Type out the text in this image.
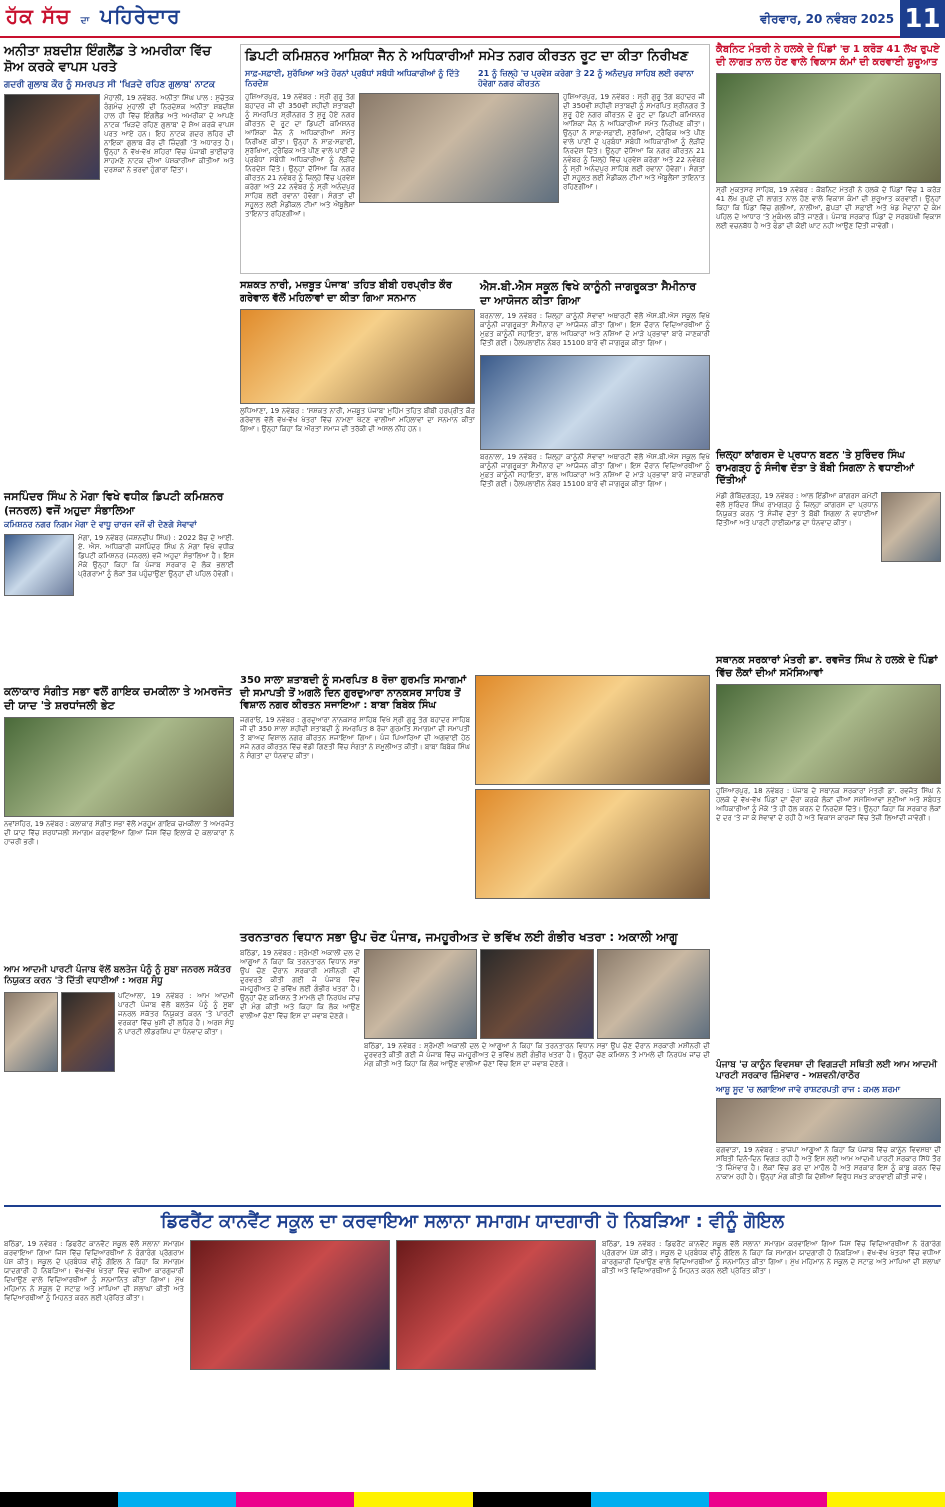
ਹੱਕ ਸੱਚ ਦਾ ਪਹਿਰੇਦਾਰ	ਵੀਰਵਾਰ, 20 ਨਵੰਬਰ 2025 11
ਅਨੀਤਾ ਸ਼ਬਦੀਸ਼ ਇੰਗਲੈਂਡ ਤੇ ਅਮਰੀਕਾ ਵਿੱਚ ਸ਼ੋਅ ਕਰਕੇ ਵਾਪਸ ਪਰਤੇ
ਗਦਰੀ ਗੁਲਾਬ ਕੌਰ ਨੂੰ ਸਮਰਪਤ ਸੀ 'ਖਿੜਦੇ ਰਹਿਣ ਗੁਲਾਬ' ਨਾਟਕ
ਮੋਹਾਲੀ, 19 ਨਵੰਬਰ. ਅਨੀਤਾ ਸਿੰਘ ਪਾਲ : ਸੁਚੇਤਕ ਰੰਗਮੰਚ ਮੁਹਾਲੀ ਦੀ ਨਿਰਦੇਸ਼ਕ ਅਨੀਤਾ ਸ਼ਬਦੀਸ਼ ਹਾਲ ਹੀ ਵਿੱਚ ਇੰਗਲੈਂਡ ਅਤੇ ਅਮਰੀਕਾ ਦੇ ਆਪਣੇ ਨਾਟਕ 'ਖਿੜਦੇ ਰਹਿਣ ਗੁਲਾਬ' ਦੇ ਸ਼ੋਅ ਕਰਕੇ ਵਾਪਸ ਪਰਤ ਆਏ ਹਨ। ਇਹ ਨਾਟਕ ਗਦਰ ਲਹਿਰ ਦੀ ਨਾਇਕਾ ਗੁਲਾਬ ਕੌਰ ਦੀ ਜ਼ਿੰਦਗੀ 'ਤੇ ਅਧਾਰਤ ਹੈ। ਉਨ੍ਹਾਂ ਨੇ ਵੱਖ-ਵੱਖ ਸ਼ਹਿਰਾਂ ਵਿੱਚ ਪੰਜਾਬੀ ਭਾਈਚਾਰੇ ਸਾਹਮਣੇ ਨਾਟਕ ਦੀਆਂ ਪੇਸ਼ਕਾਰੀਆਂ ਕੀਤੀਆਂ ਅਤੇ ਦਰਸ਼ਕਾਂ ਨੇ ਭਰਵਾਂ ਹੁੰਗਾਰਾ ਦਿੱਤਾ।
ਜਸਪਿੰਦਰ ਸਿੰਘ ਨੇ ਮੋਗਾ ਵਿਖੇ ਵਧੀਕ ਡਿਪਟੀ ਕਮਿਸ਼ਨਰ (ਜਨਰਲ) ਵਜੋਂ ਅਹੁਦਾ ਸੰਭਾਲਿਆ
ਕਮਿਸ਼ਨਰ ਨਗਰ ਨਿਗਮ ਮੋਗਾ ਦੇ ਵਾਧੂ ਚਾਰਜ ਵਜੋਂ ਵੀ ਦੇਣਗੇ ਸੇਵਾਵਾਂ
ਮੋਗਾ, 19 ਨਵੰਬਰ (ਜਸ਼ਨਦੀਪ ਸਿੰਘ) : 2022 ਬੈਚ ਦੇ ਆਈ. ਏ. ਐਸ. ਅਧਿਕਾਰੀ ਜਸਪਿੰਦਰ ਸਿੰਘ ਨੇ ਮੋਗਾ ਵਿਖੇ ਵਧੀਕ ਡਿਪਟੀ ਕਮਿਸ਼ਨਰ (ਜਨਰਲ) ਵਜੋਂ ਅਹੁਦਾ ਸੰਭਾਲਿਆ ਹੈ। ਇਸ ਮੌਕੇ ਉਨ੍ਹਾਂ ਕਿਹਾ ਕਿ ਪੰਜਾਬ ਸਰਕਾਰ ਦੇ ਲੋਕ ਭਲਾਈ ਪ੍ਰੋਗਰਾਮਾਂ ਨੂੰ ਲੋਕਾਂ ਤੱਕ ਪਹੁੰਚਾਉਣਾ ਉਨ੍ਹਾਂ ਦੀ ਪਹਿਲ ਹੋਵੇਗੀ।
ਕਲਾਕਾਰ ਸੰਗੀਤ ਸਭਾ ਵਲੋਂ ਗਾਇਕ ਚਮਕੀਲਾ ਤੇ ਅਮਰਜੋਤ ਦੀ ਯਾਦ 'ਤੇ ਸ਼ਰਧਾਂਜਲੀ ਭੇਟ
ਨਵਾਂਸ਼ਹਿਰ, 19 ਨਵੰਬਰ : ਕਲਾਕਾਰ ਸੰਗੀਤ ਸਭਾ ਵੱਲੋਂ ਮਰਹੂਮ ਗਾਇਕ ਚਮਕੀਲਾ ਤੇ ਅਮਰਜੋਤ ਦੀ ਯਾਦ ਵਿੱਚ ਸ਼ਰਧਾਂਜਲੀ ਸਮਾਗਮ ਕਰਵਾਇਆ ਗਿਆ ਜਿਸ ਵਿੱਚ ਇਲਾਕੇ ਦੇ ਕਲਾਕਾਰਾਂ ਨੇ ਹਾਜ਼ਰੀ ਭਰੀ।
ਆਮ ਆਦਮੀ ਪਾਰਟੀ ਪੰਜਾਬ ਵੱਲੋਂ ਬਲਤੇਜ ਪੰਨੂੰ ਨੂੰ ਸੂਬਾ ਜਨਰਲ ਸਕੱਤਰ ਨਿਯੁਕਤ ਕਰਨ 'ਤੇ ਦਿੱਤੀ ਵਧਾਈਆਂ : ਅਰਸ਼ ਸੰਧੂ
ਪਟਿਆਲਾ, 19 ਨਵੰਬਰ : ਆਮ ਆਦਮੀ ਪਾਰਟੀ ਪੰਜਾਬ ਵੱਲੋਂ ਬਲਤੇਜ ਪੰਨੂੰ ਨੂੰ ਸੂਬਾ ਜਨਰਲ ਸਕੱਤਰ ਨਿਯੁਕਤ ਕਰਨ 'ਤੇ ਪਾਰਟੀ ਵਰਕਰਾਂ ਵਿੱਚ ਖੁਸ਼ੀ ਦੀ ਲਹਿਰ ਹੈ। ਅਰਸ਼ ਸੰਧੂ ਨੇ ਪਾਰਟੀ ਲੀਡਰਸ਼ਿਪ ਦਾ ਧੰਨਵਾਦ ਕੀਤਾ।
ਡਿਪਟੀ ਕਮਿਸ਼ਨਰ ਆਸ਼ਿਕਾ ਜੈਨ ਨੇ ਅਧਿਕਾਰੀਆਂ ਸਮੇਤ ਨਗਰ ਕੀਰਤਨ ਰੂਟ ਦਾ ਕੀਤਾ ਨਿਰੀਖਣ
ਸਾਫ਼-ਸਫ਼ਾਈ, ਸੁਰੱਖਿਆ ਅਤੇ ਹੋਰਨਾਂ ਪ੍ਰਬੰਧਾਂ ਸਬੰਧੀ ਅਧਿਕਾਰੀਆਂ ਨੂੰ ਦਿੱਤੇ ਨਿਰਦੇਸ਼
21 ਨੂੰ ਜ਼ਿਲ੍ਹੇ 'ਚ ਪ੍ਰਵੇਸ਼ ਕਰੇਗਾ ਤੇ 22 ਨੂੰ ਅਨੰਦਪੁਰ ਸਾਹਿਬ ਲਈ ਰਵਾਨਾ ਹੋਵੇਗਾ ਨਗਰ ਕੀਰਤਨ
ਹੁਸ਼ਿਆਰਪੁਰ, 19 ਨਵੰਬਰ : ਸ੍ਰੀ ਗੁਰੂ ਤੇਗ ਬਹਾਦਰ ਜੀ ਦੀ 350ਵੀਂ ਸ਼ਹੀਦੀ ਸ਼ਤਾਬਦੀ ਨੂੰ ਸਮਰਪਿਤ ਸ਼੍ਰੀਨਗਰ ਤੋਂ ਸ਼ੁਰੂ ਹੋਏ ਨਗਰ ਕੀਰਤਨ ਦੇ ਰੂਟ ਦਾ ਡਿਪਟੀ ਕਮਿਸ਼ਨਰ ਆਸ਼ਿਕਾ ਜੈਨ ਨੇ ਅਧਿਕਾਰੀਆਂ ਸਮੇਤ ਨਿਰੀਖਣ ਕੀਤਾ। ਉਨ੍ਹਾਂ ਨੇ ਸਾਫ਼-ਸਫ਼ਾਈ, ਸੁਰੱਖਿਆ, ਟ੍ਰੈਫਿਕ ਅਤੇ ਪੀਣ ਵਾਲੇ ਪਾਣੀ ਦੇ ਪ੍ਰਬੰਧਾਂ ਸਬੰਧੀ ਅਧਿਕਾਰੀਆਂ ਨੂੰ ਲੋੜੀਂਦੇ ਨਿਰਦੇਸ਼ ਦਿੱਤੇ। ਉਨ੍ਹਾਂ ਦੱਸਿਆ ਕਿ ਨਗਰ ਕੀਰਤਨ 21 ਨਵੰਬਰ ਨੂੰ ਜ਼ਿਲ੍ਹੇ ਵਿੱਚ ਪ੍ਰਵੇਸ਼ ਕਰੇਗਾ ਅਤੇ 22 ਨਵੰਬਰ ਨੂੰ ਸ੍ਰੀ ਅਨੰਦਪੁਰ ਸਾਹਿਬ ਲਈ ਰਵਾਨਾ ਹੋਵੇਗਾ। ਸੰਗਤਾਂ ਦੀ ਸਹੂਲਤ ਲਈ ਮੈਡੀਕਲ ਟੀਮਾਂ ਅਤੇ ਐਂਬੂਲੈਂਸਾਂ ਤਾਇਨਾਤ ਰਹਿਣਗੀਆਂ।
ਹੁਸ਼ਿਆਰਪੁਰ, 19 ਨਵੰਬਰ : ਸ੍ਰੀ ਗੁਰੂ ਤੇਗ ਬਹਾਦਰ ਜੀ ਦੀ 350ਵੀਂ ਸ਼ਹੀਦੀ ਸ਼ਤਾਬਦੀ ਨੂੰ ਸਮਰਪਿਤ ਸ਼੍ਰੀਨਗਰ ਤੋਂ ਸ਼ੁਰੂ ਹੋਏ ਨਗਰ ਕੀਰਤਨ ਦੇ ਰੂਟ ਦਾ ਡਿਪਟੀ ਕਮਿਸ਼ਨਰ ਆਸ਼ਿਕਾ ਜੈਨ ਨੇ ਅਧਿਕਾਰੀਆਂ ਸਮੇਤ ਨਿਰੀਖਣ ਕੀਤਾ। ਉਨ੍ਹਾਂ ਨੇ ਸਾਫ਼-ਸਫ਼ਾਈ, ਸੁਰੱਖਿਆ, ਟ੍ਰੈਫਿਕ ਅਤੇ ਪੀਣ ਵਾਲੇ ਪਾਣੀ ਦੇ ਪ੍ਰਬੰਧਾਂ ਸਬੰਧੀ ਅਧਿਕਾਰੀਆਂ ਨੂੰ ਲੋੜੀਂਦੇ ਨਿਰਦੇਸ਼ ਦਿੱਤੇ। ਉਨ੍ਹਾਂ ਦੱਸਿਆ ਕਿ ਨਗਰ ਕੀਰਤਨ 21 ਨਵੰਬਰ ਨੂੰ ਜ਼ਿਲ੍ਹੇ ਵਿੱਚ ਪ੍ਰਵੇਸ਼ ਕਰੇਗਾ ਅਤੇ 22 ਨਵੰਬਰ ਨੂੰ ਸ੍ਰੀ ਅਨੰਦਪੁਰ ਸਾਹਿਬ ਲਈ ਰਵਾਨਾ ਹੋਵੇਗਾ। ਸੰਗਤਾਂ ਦੀ ਸਹੂਲਤ ਲਈ ਮੈਡੀਕਲ ਟੀਮਾਂ ਅਤੇ ਐਂਬੂਲੈਂਸਾਂ ਤਾਇਨਾਤ ਰਹਿਣਗੀਆਂ।
ਸਸ਼ਕਤ ਨਾਰੀ, ਮਜ਼ਬੂਤ ਪੰਜਾਬ' ਤਹਿਤ ਬੀਬੀ ਹਰਪ੍ਰੀਤ ਕੌਰ ਗਰੇਵਾਲ ਵੱਲੋਂ ਮਹਿਲਾਵਾਂ ਦਾ ਕੀਤਾ ਗਿਆ ਸਨਮਾਨ
ਲੁਧਿਆਣਾ, 19 ਨਵੰਬਰ : 'ਸਸ਼ਕਤ ਨਾਰੀ, ਮਜ਼ਬੂਤ ਪੰਜਾਬ' ਮੁਹਿੰਮ ਤਹਿਤ ਬੀਬੀ ਹਰਪ੍ਰੀਤ ਕੌਰ ਗਰੇਵਾਲ ਵੱਲੋਂ ਵੱਖ-ਵੱਖ ਖੇਤਰਾਂ ਵਿੱਚ ਨਾਮਣਾ ਖੱਟਣ ਵਾਲੀਆਂ ਮਹਿਲਾਵਾਂ ਦਾ ਸਨਮਾਨ ਕੀਤਾ ਗਿਆ। ਉਨ੍ਹਾਂ ਕਿਹਾ ਕਿ ਔਰਤਾਂ ਸਮਾਜ ਦੀ ਤਰੱਕੀ ਦੀ ਅਸਲ ਨੀਂਹ ਹਨ।
ਐਸ.ਬੀ.ਐਸ ਸਕੂਲ ਵਿਖੇ ਕਾਨੂੰਨੀ ਜਾਗਰੂਕਤਾ ਸੈਮੀਨਾਰ ਦਾ ਆਯੋਜਨ ਕੀਤਾ ਗਿਆ
ਬਰਨਾਲਾ, 19 ਨਵੰਬਰ : ਜ਼ਿਲ੍ਹਾ ਕਾਨੂੰਨੀ ਸੇਵਾਵਾਂ ਅਥਾਰਟੀ ਵੱਲੋਂ ਐਸ.ਬੀ.ਐਸ ਸਕੂਲ ਵਿਖੇ ਕਾਨੂੰਨੀ ਜਾਗਰੂਕਤਾ ਸੈਮੀਨਾਰ ਦਾ ਆਯੋਜਨ ਕੀਤਾ ਗਿਆ। ਇਸ ਦੌਰਾਨ ਵਿਦਿਆਰਥੀਆਂ ਨੂੰ ਮੁਫ਼ਤ ਕਾਨੂੰਨੀ ਸਹਾਇਤਾ, ਬਾਲ ਅਧਿਕਾਰਾਂ ਅਤੇ ਨਸ਼ਿਆਂ ਦੇ ਮਾੜੇ ਪ੍ਰਭਾਵਾਂ ਬਾਰੇ ਜਾਣਕਾਰੀ ਦਿੱਤੀ ਗਈ। ਹੈਲਪਲਾਈਨ ਨੰਬਰ 15100 ਬਾਰੇ ਵੀ ਜਾਗਰੂਕ ਕੀਤਾ ਗਿਆ।
ਬਰਨਾਲਾ, 19 ਨਵੰਬਰ : ਜ਼ਿਲ੍ਹਾ ਕਾਨੂੰਨੀ ਸੇਵਾਵਾਂ ਅਥਾਰਟੀ ਵੱਲੋਂ ਐਸ.ਬੀ.ਐਸ ਸਕੂਲ ਵਿਖੇ ਕਾਨੂੰਨੀ ਜਾਗਰੂਕਤਾ ਸੈਮੀਨਾਰ ਦਾ ਆਯੋਜਨ ਕੀਤਾ ਗਿਆ। ਇਸ ਦੌਰਾਨ ਵਿਦਿਆਰਥੀਆਂ ਨੂੰ ਮੁਫ਼ਤ ਕਾਨੂੰਨੀ ਸਹਾਇਤਾ, ਬਾਲ ਅਧਿਕਾਰਾਂ ਅਤੇ ਨਸ਼ਿਆਂ ਦੇ ਮਾੜੇ ਪ੍ਰਭਾਵਾਂ ਬਾਰੇ ਜਾਣਕਾਰੀ ਦਿੱਤੀ ਗਈ। ਹੈਲਪਲਾਈਨ ਨੰਬਰ 15100 ਬਾਰੇ ਵੀ ਜਾਗਰੂਕ ਕੀਤਾ ਗਿਆ।
350 ਸਾਲਾ ਸ਼ਤਾਬਦੀ ਨੂੰ ਸਮਰਪਿਤ 8 ਰੋਜ਼ਾ ਗੁਰਮਤਿ ਸਮਾਗਮਾਂ ਦੀ ਸਮਾਪਤੀ ਤੋਂ ਅਗਲੇ ਦਿਨ ਗੁਰਦੁਆਰਾ ਨਾਨਕਸਰ ਸਾਹਿਬ ਤੋਂ ਵਿਸ਼ਾਲ ਨਗਰ ਕੀਰਤਨ ਸਜਾਇਆ : ਬਾਬਾ ਬਿਬੇਕ ਸਿੰਘ
ਜਗਰਾਓਂ, 19 ਨਵੰਬਰ : ਗੁਰਦੁਆਰਾ ਨਾਨਕਸਰ ਸਾਹਿਬ ਵਿਖੇ ਸ੍ਰੀ ਗੁਰੂ ਤੇਗ ਬਹਾਦਰ ਸਾਹਿਬ ਜੀ ਦੀ 350 ਸਾਲਾ ਸ਼ਹੀਦੀ ਸ਼ਤਾਬਦੀ ਨੂੰ ਸਮਰਪਿਤ 8 ਰੋਜ਼ਾ ਗੁਰਮਤਿ ਸਮਾਗਮਾਂ ਦੀ ਸਮਾਪਤੀ ਤੋਂ ਬਾਅਦ ਵਿਸ਼ਾਲ ਨਗਰ ਕੀਰਤਨ ਸਜਾਇਆ ਗਿਆ। ਪੰਜ ਪਿਆਰਿਆਂ ਦੀ ਅਗਵਾਈ ਹੇਠ ਸਜੇ ਨਗਰ ਕੀਰਤਨ ਵਿੱਚ ਵੱਡੀ ਗਿਣਤੀ ਵਿੱਚ ਸੰਗਤਾਂ ਨੇ ਸ਼ਮੂਲੀਅਤ ਕੀਤੀ। ਬਾਬਾ ਬਿਬੇਕ ਸਿੰਘ ਨੇ ਸੰਗਤਾਂ ਦਾ ਧੰਨਵਾਦ ਕੀਤਾ।
ਤਰਨਤਾਰਨ ਵਿਧਾਨ ਸਭਾ ਉਪ ਚੋਣ ਪੰਜਾਬ, ਜਮਹੂਰੀਅਤ ਦੇ ਭਵਿੱਖ ਲਈ ਗੰਭੀਰ ਖਤਰਾ : ਅਕਾਲੀ ਆਗੂ
ਬਠਿੰਡਾ, 19 ਨਵੰਬਰ : ਸ਼੍ਰੋਮਣੀ ਅਕਾਲੀ ਦਲ ਦੇ ਆਗੂਆਂ ਨੇ ਕਿਹਾ ਕਿ ਤਰਨਤਾਰਨ ਵਿਧਾਨ ਸਭਾ ਉਪ ਚੋਣ ਦੌਰਾਨ ਸਰਕਾਰੀ ਮਸ਼ੀਨਰੀ ਦੀ ਦੁਰਵਰਤੋਂ ਕੀਤੀ ਗਈ ਜੋ ਪੰਜਾਬ ਵਿੱਚ ਜਮਹੂਰੀਅਤ ਦੇ ਭਵਿੱਖ ਲਈ ਗੰਭੀਰ ਖਤਰਾ ਹੈ। ਉਨ੍ਹਾਂ ਚੋਣ ਕਮਿਸ਼ਨ ਤੋਂ ਮਾਮਲੇ ਦੀ ਨਿਰਪੱਖ ਜਾਂਚ ਦੀ ਮੰਗ ਕੀਤੀ ਅਤੇ ਕਿਹਾ ਕਿ ਲੋਕ ਆਉਣ ਵਾਲੀਆਂ ਚੋਣਾਂ ਵਿੱਚ ਇਸ ਦਾ ਜਵਾਬ ਦੇਣਗੇ।
ਬਠਿੰਡਾ, 19 ਨਵੰਬਰ : ਸ਼੍ਰੋਮਣੀ ਅਕਾਲੀ ਦਲ ਦੇ ਆਗੂਆਂ ਨੇ ਕਿਹਾ ਕਿ ਤਰਨਤਾਰਨ ਵਿਧਾਨ ਸਭਾ ਉਪ ਚੋਣ ਦੌਰਾਨ ਸਰਕਾਰੀ ਮਸ਼ੀਨਰੀ ਦੀ ਦੁਰਵਰਤੋਂ ਕੀਤੀ ਗਈ ਜੋ ਪੰਜਾਬ ਵਿੱਚ ਜਮਹੂਰੀਅਤ ਦੇ ਭਵਿੱਖ ਲਈ ਗੰਭੀਰ ਖਤਰਾ ਹੈ। ਉਨ੍ਹਾਂ ਚੋਣ ਕਮਿਸ਼ਨ ਤੋਂ ਮਾਮਲੇ ਦੀ ਨਿਰਪੱਖ ਜਾਂਚ ਦੀ ਮੰਗ ਕੀਤੀ ਅਤੇ ਕਿਹਾ ਕਿ ਲੋਕ ਆਉਣ ਵਾਲੀਆਂ ਚੋਣਾਂ ਵਿੱਚ ਇਸ ਦਾ ਜਵਾਬ ਦੇਣਗੇ।
ਕੈਬਨਿਟ ਮੰਤਰੀ ਨੇ ਹਲਕੇ ਦੇ ਪਿੰਡਾਂ 'ਚ 1 ਕਰੋੜ 41 ਲੱਖ ਰੁਪਏ ਦੀ ਲਾਗਤ ਨਾਲ ਹੋਣ ਵਾਲੇ ਵਿਕਾਸ ਕੰਮਾਂ ਦੀ ਕਰਵਾਈ ਸ਼ੁਰੂਆਤ
ਸ੍ਰੀ ਮੁਕਤਸਰ ਸਾਹਿਬ, 19 ਨਵੰਬਰ : ਕੈਬਨਿਟ ਮੰਤਰੀ ਨੇ ਹਲਕੇ ਦੇ ਪਿੰਡਾਂ ਵਿੱਚ 1 ਕਰੋੜ 41 ਲੱਖ ਰੁਪਏ ਦੀ ਲਾਗਤ ਨਾਲ ਹੋਣ ਵਾਲੇ ਵਿਕਾਸ ਕੰਮਾਂ ਦੀ ਸ਼ੁਰੂਆਤ ਕਰਵਾਈ। ਉਨ੍ਹਾਂ ਕਿਹਾ ਕਿ ਪਿੰਡਾਂ ਵਿੱਚ ਗਲੀਆਂ, ਨਾਲੀਆਂ, ਛੱਪੜਾਂ ਦੀ ਸਫ਼ਾਈ ਅਤੇ ਖੇਡ ਮੈਦਾਨਾਂ ਦੇ ਕੰਮ ਪਹਿਲ ਦੇ ਆਧਾਰ 'ਤੇ ਮੁਕੰਮਲ ਕੀਤੇ ਜਾਣਗੇ। ਪੰਜਾਬ ਸਰਕਾਰ ਪਿੰਡਾਂ ਦੇ ਸਰਬਪੱਖੀ ਵਿਕਾਸ ਲਈ ਵਚਨਬੱਧ ਹੈ ਅਤੇ ਫੰਡਾਂ ਦੀ ਕੋਈ ਘਾਟ ਨਹੀਂ ਆਉਣ ਦਿੱਤੀ ਜਾਵੇਗੀ।
ਜ਼ਿਲ੍ਹਾ ਕਾਂਗਰਸ ਦੇ ਪ੍ਰਧਾਨ ਬਣਨ 'ਤੇ ਸੁਰਿੰਦਰ ਸਿੰਘ ਰਾਮਗੜ੍ਹ ਨੂੰ ਸੰਜੀਵ ਦੱਤਾ ਤੇ ਬੌਬੀ ਸਿਗਲਾ ਨੇ ਵਧਾਈਆਂ ਦਿੱਤੀਆਂ
ਮੰਡੀ ਗੋਬਿੰਦਗੜ੍ਹ, 19 ਨਵੰਬਰ : ਆਲ ਇੰਡੀਆ ਕਾਂਗਰਸ ਕਮੇਟੀ ਵੱਲੋਂ ਸੁਰਿੰਦਰ ਸਿੰਘ ਰਾਮਗੜ੍ਹ ਨੂੰ ਜ਼ਿਲ੍ਹਾ ਕਾਂਗਰਸ ਦਾ ਪ੍ਰਧਾਨ ਨਿਯੁਕਤ ਕਰਨ 'ਤੇ ਸੰਜੀਵ ਦੱਤਾ ਤੇ ਬੌਬੀ ਸਿਗਲਾ ਨੇ ਵਧਾਈਆਂ ਦਿੱਤੀਆਂ ਅਤੇ ਪਾਰਟੀ ਹਾਈਕਮਾਂਡ ਦਾ ਧੰਨਵਾਦ ਕੀਤਾ।
ਸਥਾਨਕ ਸਰਕਾਰਾਂ ਮੰਤਰੀ ਡਾ. ਰਵਜੋਤ ਸਿੰਘ ਨੇ ਹਲਕੇ ਦੇ ਪਿੰਡਾਂ ਵਿੱਚ ਲੋਕਾਂ ਦੀਆਂ ਸਮੱਸਿਆਵਾਂ
ਹੁਸ਼ਿਆਰਪੁਰ, 18 ਨਵੰਬਰ : ਪੰਜਾਬ ਦੇ ਸਥਾਨਕ ਸਰਕਾਰਾਂ ਮੰਤਰੀ ਡਾ. ਰਵਜੋਤ ਸਿੰਘ ਨੇ ਹਲਕੇ ਦੇ ਵੱਖ-ਵੱਖ ਪਿੰਡਾਂ ਦਾ ਦੌਰਾ ਕਰਕੇ ਲੋਕਾਂ ਦੀਆਂ ਸਮੱਸਿਆਵਾਂ ਸੁਣੀਆਂ ਅਤੇ ਸਬੰਧਤ ਅਧਿਕਾਰੀਆਂ ਨੂੰ ਮੌਕੇ 'ਤੇ ਹੀ ਹੱਲ ਕਰਨ ਦੇ ਨਿਰਦੇਸ਼ ਦਿੱਤੇ। ਉਨ੍ਹਾਂ ਕਿਹਾ ਕਿ ਸਰਕਾਰ ਲੋਕਾਂ ਦੇ ਦਰ 'ਤੇ ਜਾ ਕੇ ਸੇਵਾਵਾਂ ਦੇ ਰਹੀ ਹੈ ਅਤੇ ਵਿਕਾਸ ਕਾਰਜਾਂ ਵਿੱਚ ਤੇਜ਼ੀ ਲਿਆਂਦੀ ਜਾਵੇਗੀ।
ਪੰਜਾਬ 'ਚ ਕਾਨੂੰਨ ਵਿਵਸਥਾ ਦੀ ਵਿਗੜਦੀ ਸਥਿਤੀ ਲਈ ਆਮ ਆਦਮੀ ਪਾਰਟੀ ਸਰਕਾਰ ਜ਼ਿੰਮੇਵਾਰ - ਅਸ਼ਵਨੀ/ਰਾਠੌਰ
ਆਸ਼ੂ ਸੂਦ 'ਚ ਲਗਾਇਆ ਜਾਵੇ ਰਾਸ਼ਟਰਪਤੀ ਰਾਜ : ਕਮਲ ਸ਼ਰਮਾ
ਫਗਵਾੜਾ, 19 ਨਵੰਬਰ : ਭਾਜਪਾ ਆਗੂਆਂ ਨੇ ਕਿਹਾ ਕਿ ਪੰਜਾਬ ਵਿੱਚ ਕਾਨੂੰਨ ਵਿਵਸਥਾ ਦੀ ਸਥਿਤੀ ਦਿਨੋਂ-ਦਿਨ ਵਿਗੜ ਰਹੀ ਹੈ ਅਤੇ ਇਸ ਲਈ ਆਮ ਆਦਮੀ ਪਾਰਟੀ ਸਰਕਾਰ ਸਿੱਧੇ ਤੌਰ 'ਤੇ ਜ਼ਿੰਮੇਵਾਰ ਹੈ। ਲੋਕਾਂ ਵਿੱਚ ਡਰ ਦਾ ਮਾਹੌਲ ਹੈ ਅਤੇ ਸਰਕਾਰ ਇਸ ਨੂੰ ਕਾਬੂ ਕਰਨ ਵਿੱਚ ਨਾਕਾਮ ਰਹੀ ਹੈ। ਉਨ੍ਹਾਂ ਮੰਗ ਕੀਤੀ ਕਿ ਦੋਸ਼ੀਆਂ ਵਿਰੁੱਧ ਸਖ਼ਤ ਕਾਰਵਾਈ ਕੀਤੀ ਜਾਵੇ।
ਡਿਫਰੈਂਟ ਕਾਨਵੈਂਟ ਸਕੂਲ ਦਾ ਕਰਵਾਇਆ ਸਲਾਨਾ ਸਮਾਗਮ ਯਾਦਗਾਰੀ ਹੋ ਨਿਬੜਿਆ : ਵੀਨੂੰ ਗੋਇਲ
ਬਠਿੰਡਾ, 19 ਨਵੰਬਰ : ਡਿਫਰੈਂਟ ਕਾਨਵੈਂਟ ਸਕੂਲ ਵੱਲੋਂ ਸਲਾਨਾ ਸਮਾਗਮ ਕਰਵਾਇਆ ਗਿਆ ਜਿਸ ਵਿੱਚ ਵਿਦਿਆਰਥੀਆਂ ਨੇ ਰੰਗਾਰੰਗ ਪ੍ਰੋਗਰਾਮ ਪੇਸ਼ ਕੀਤੇ। ਸਕੂਲ ਦੇ ਪ੍ਰਬੰਧਕ ਵੀਨੂੰ ਗੋਇਲ ਨੇ ਕਿਹਾ ਕਿ ਸਮਾਗਮ ਯਾਦਗਾਰੀ ਹੋ ਨਿਬੜਿਆ। ਵੱਖ-ਵੱਖ ਖੇਤਰਾਂ ਵਿੱਚ ਵਧੀਆ ਕਾਰਗੁਜ਼ਾਰੀ ਦਿਖਾਉਣ ਵਾਲੇ ਵਿਦਿਆਰਥੀਆਂ ਨੂੰ ਸਨਮਾਨਿਤ ਕੀਤਾ ਗਿਆ। ਮੁੱਖ ਮਹਿਮਾਨ ਨੇ ਸਕੂਲ ਦੇ ਸਟਾਫ਼ ਅਤੇ ਮਾਪਿਆਂ ਦੀ ਸ਼ਲਾਘਾ ਕੀਤੀ ਅਤੇ ਵਿਦਿਆਰਥੀਆਂ ਨੂੰ ਮਿਹਨਤ ਕਰਨ ਲਈ ਪ੍ਰੇਰਿਤ ਕੀਤਾ।
ਬਠਿੰਡਾ, 19 ਨਵੰਬਰ : ਡਿਫਰੈਂਟ ਕਾਨਵੈਂਟ ਸਕੂਲ ਵੱਲੋਂ ਸਲਾਨਾ ਸਮਾਗਮ ਕਰਵਾਇਆ ਗਿਆ ਜਿਸ ਵਿੱਚ ਵਿਦਿਆਰਥੀਆਂ ਨੇ ਰੰਗਾਰੰਗ ਪ੍ਰੋਗਰਾਮ ਪੇਸ਼ ਕੀਤੇ। ਸਕੂਲ ਦੇ ਪ੍ਰਬੰਧਕ ਵੀਨੂੰ ਗੋਇਲ ਨੇ ਕਿਹਾ ਕਿ ਸਮਾਗਮ ਯਾਦਗਾਰੀ ਹੋ ਨਿਬੜਿਆ। ਵੱਖ-ਵੱਖ ਖੇਤਰਾਂ ਵਿੱਚ ਵਧੀਆ ਕਾਰਗੁਜ਼ਾਰੀ ਦਿਖਾਉਣ ਵਾਲੇ ਵਿਦਿਆਰਥੀਆਂ ਨੂੰ ਸਨਮਾਨਿਤ ਕੀਤਾ ਗਿਆ। ਮੁੱਖ ਮਹਿਮਾਨ ਨੇ ਸਕੂਲ ਦੇ ਸਟਾਫ਼ ਅਤੇ ਮਾਪਿਆਂ ਦੀ ਸ਼ਲਾਘਾ ਕੀਤੀ ਅਤੇ ਵਿਦਿਆਰਥੀਆਂ ਨੂੰ ਮਿਹਨਤ ਕਰਨ ਲਈ ਪ੍ਰੇਰਿਤ ਕੀਤਾ।
